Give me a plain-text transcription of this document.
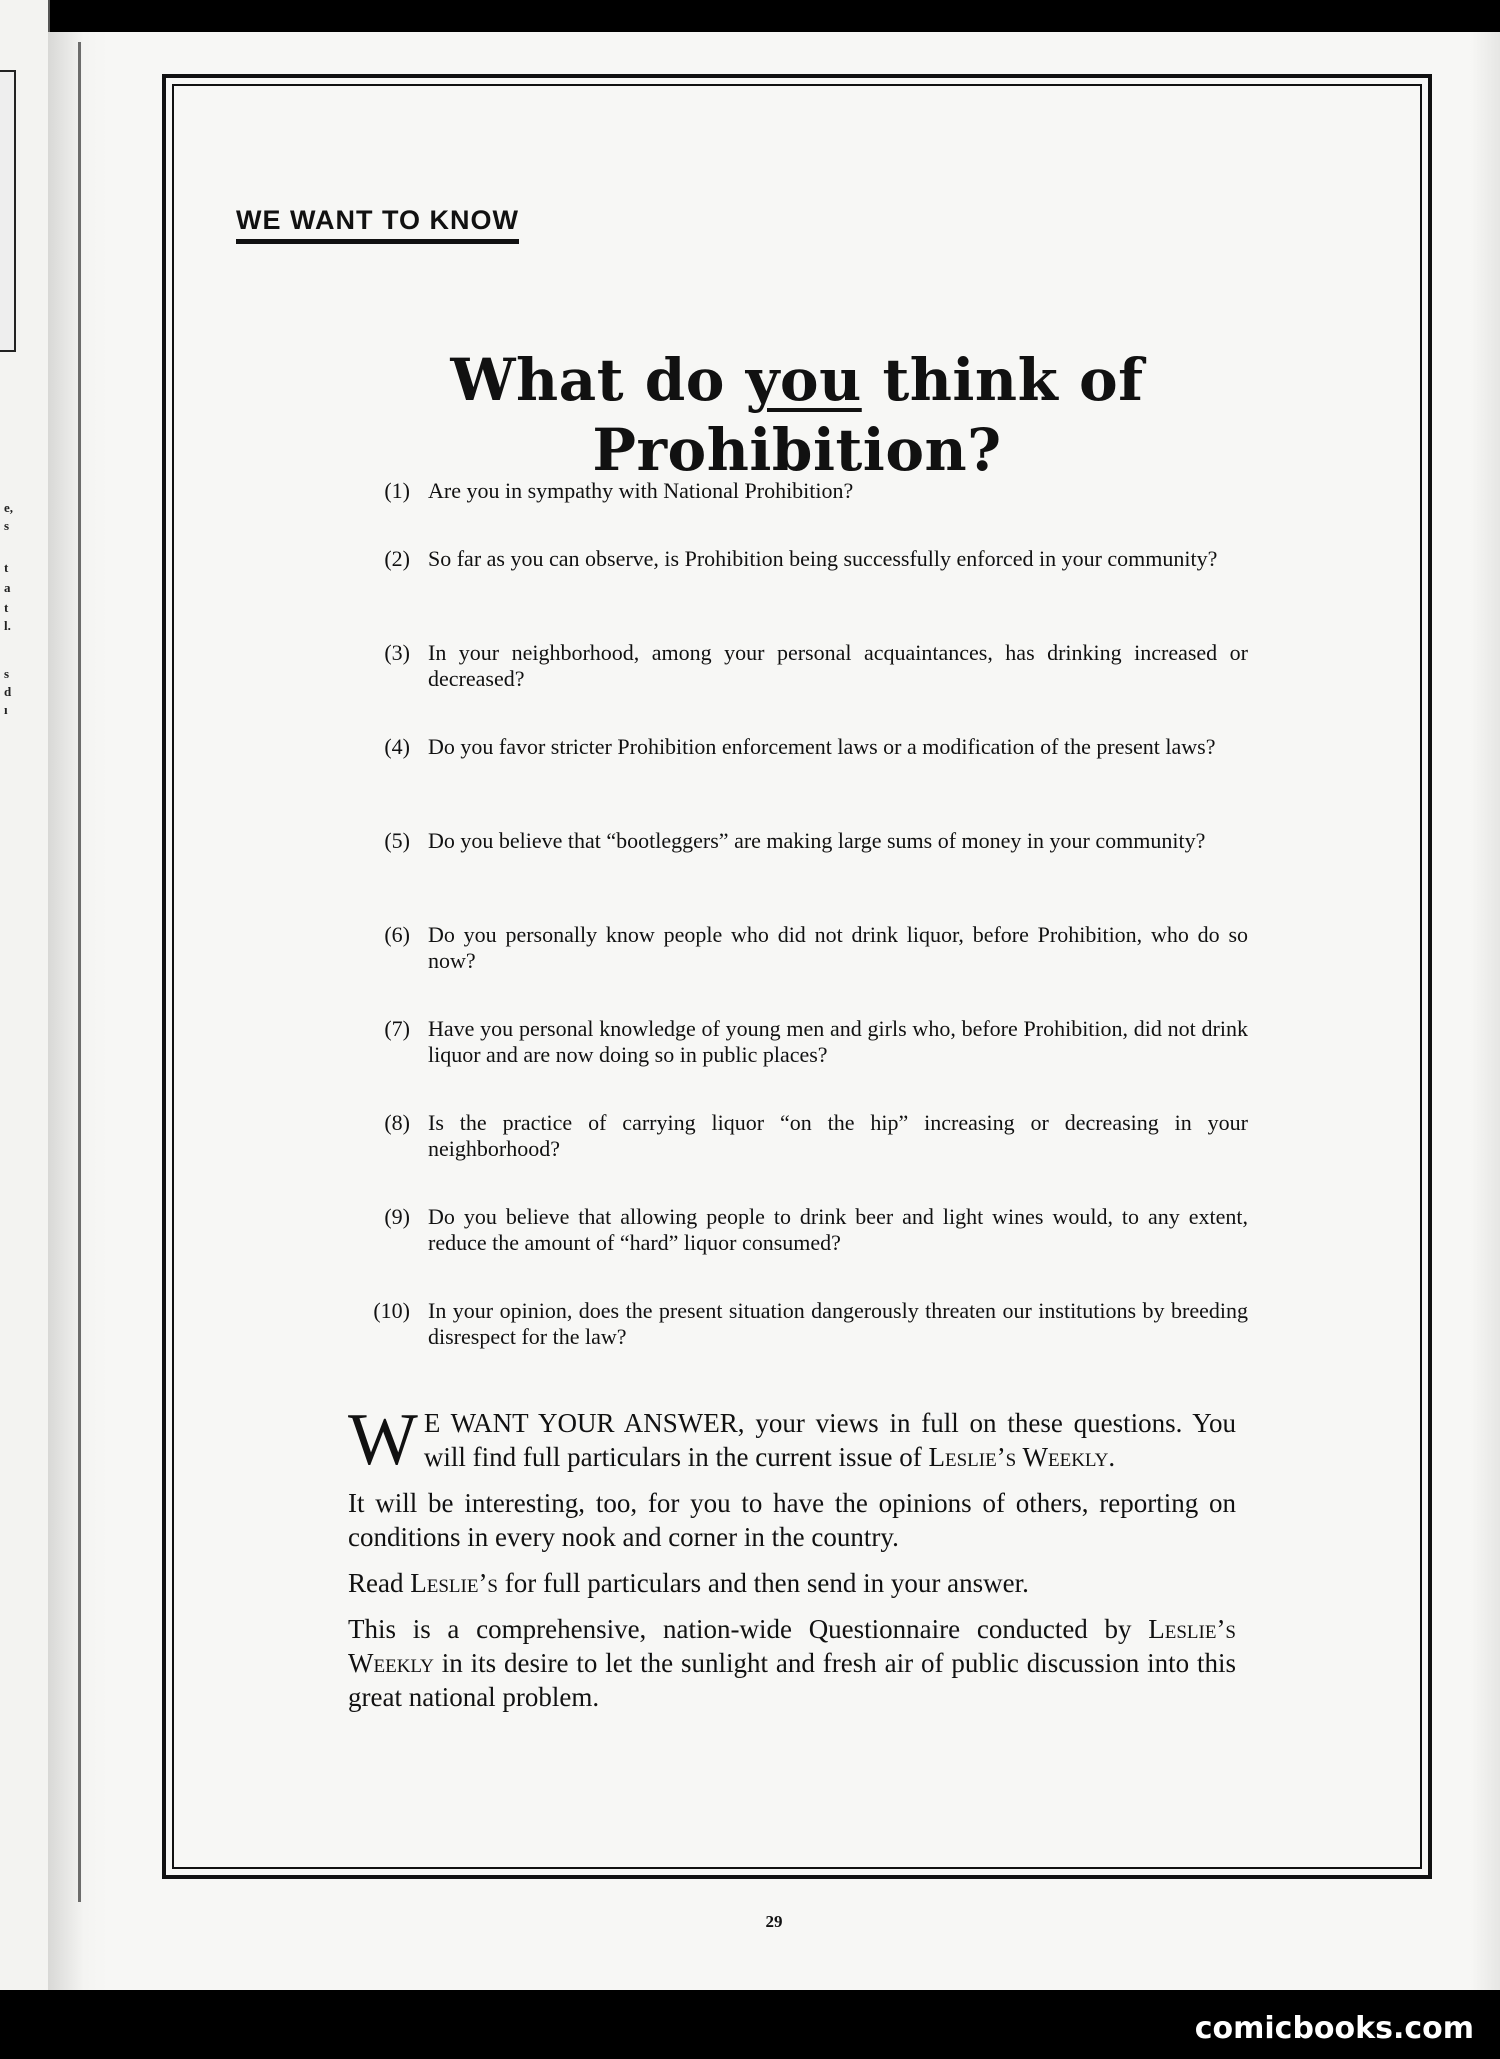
e,
s
t
a
t
l.
s
d
ı
WE WANT TO KNOW
What do you think of
Prohibition?
(1) Are you in sympathy with National Prohibition?
(2) So far as you can observe, is Prohibition being successfully enforced in your community?
(3) In your neighborhood, among your personal acquaintances, has drinking increased or decreased?
(4) Do you favor stricter Prohibition enforcement laws or a modification of the present laws?
(5) Do you believe that “bootleggers” are making large sums of money in your community?
(6) Do you personally know people who did not drink liquor, before Prohibition, who do so now?
(7) Have you personal knowledge of young men and girls who, before Prohibition, did not drink liquor and are now doing so in public places?
(8) Is the practice of carrying liquor “on the hip” increasing or decreasing in your neighborhood?
(9) Do you believe that allowing people to drink beer and light wines would, to any extent, reduce the amount of “hard” liquor consumed?
(10) In your opinion, does the present situation dangerously threaten our institutions by breeding disrespect for the law?

W E WANT YOUR ANSWER, your views in full on these questions. You will find full particulars in the current issue of Leslie’s Weekly.

It will be interesting, too, for you to have the opinions of others, reporting on conditions in every nook and corner in the country.

Read Leslie’s for full particulars and then send in your answer.

This is a comprehensive, nation-wide Questionnaire conducted by Leslie’s Weekly in its desire to let the sunlight and fresh air of public discussion into this great national problem.

29
comicbooks.com
